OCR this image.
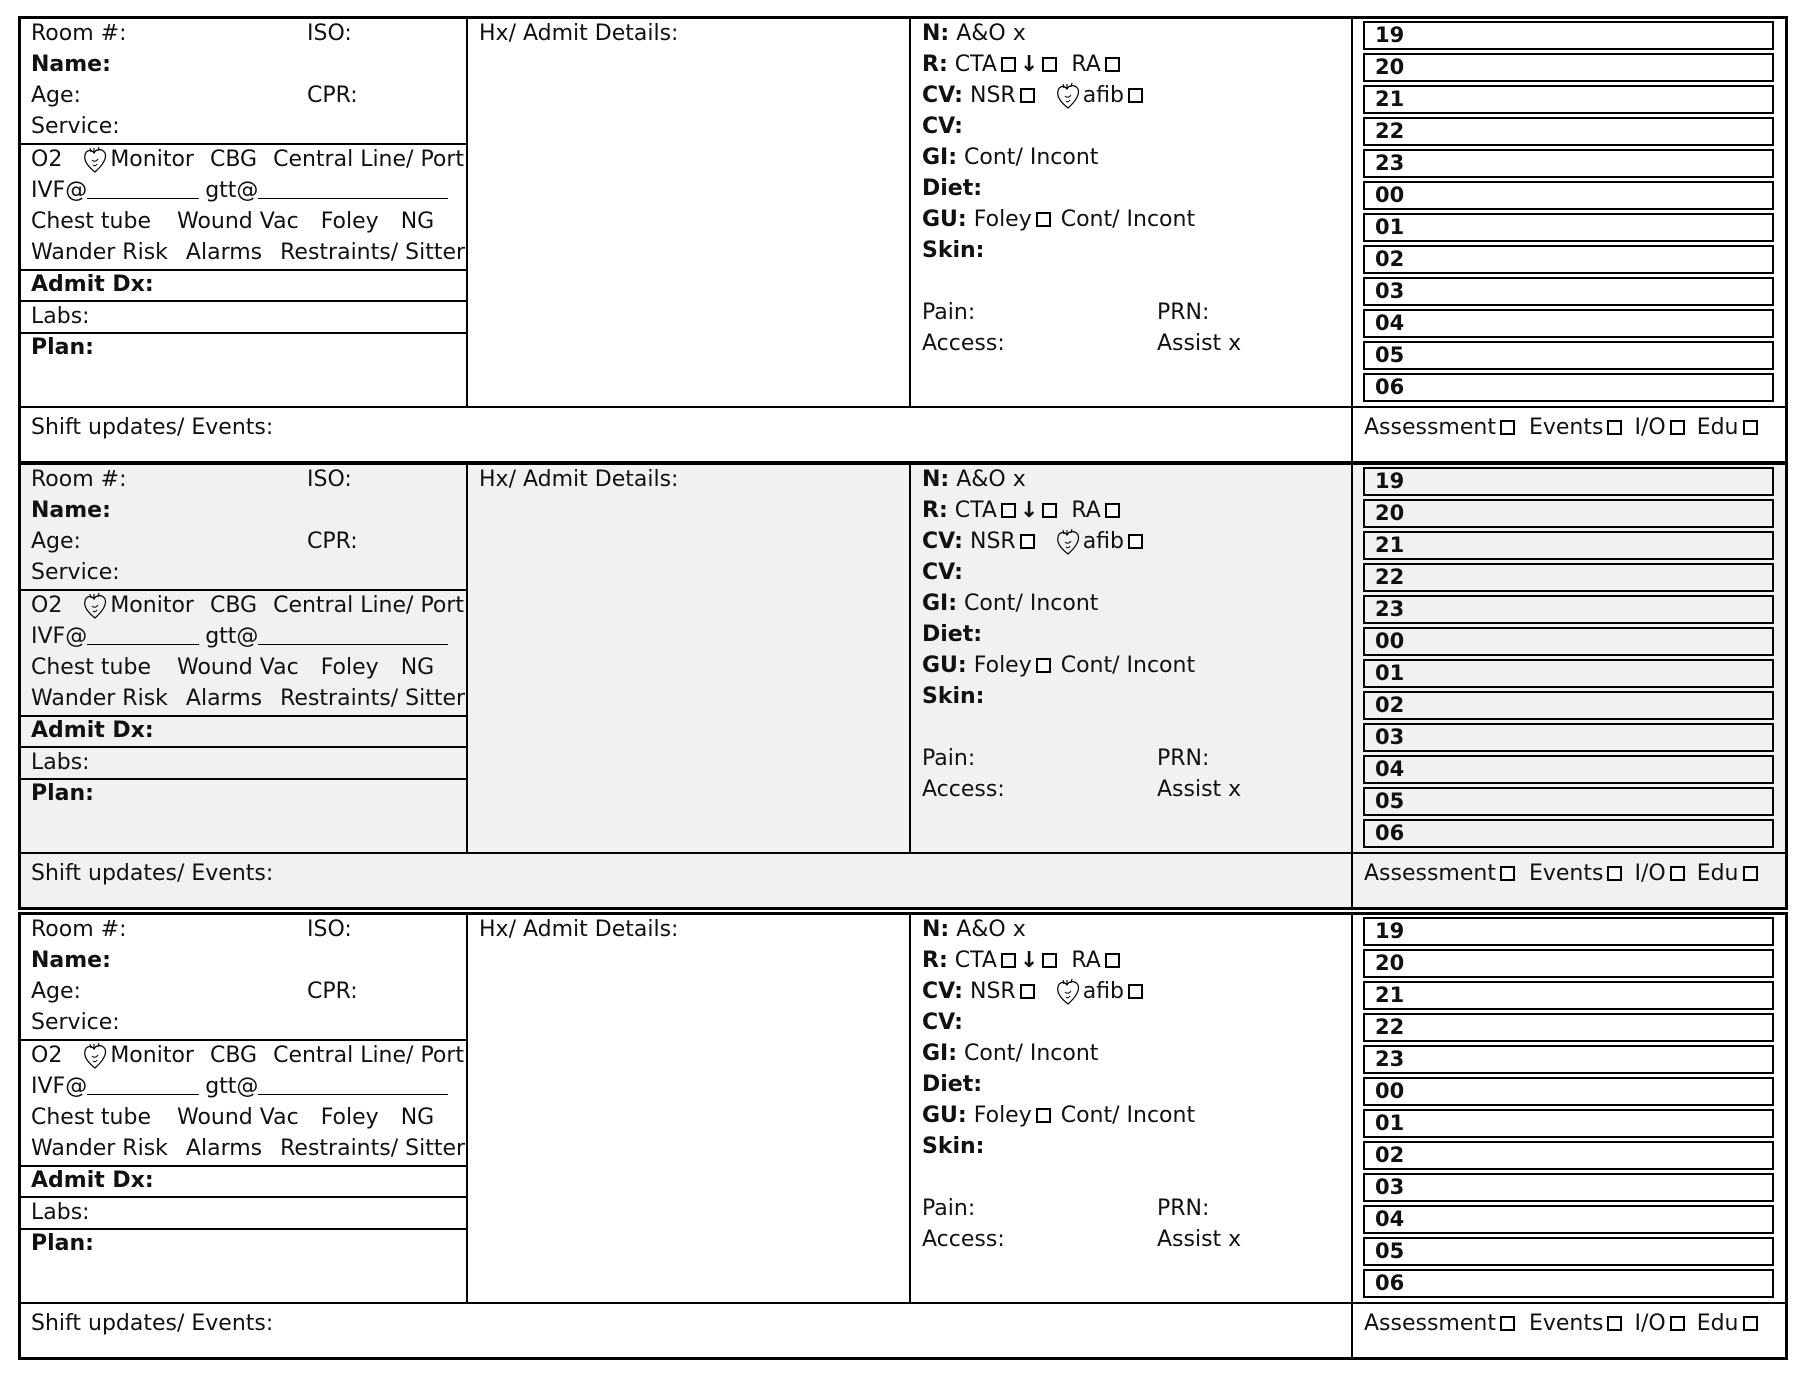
Room #:	ISO:
Name:
Age:	CPR:
Service:
O2 Monitor CBG Central Line/ Port
IVF@	gtt@
Chest tube Wound Vac Foley NG
Wander Risk Alarms Restraints/ Sitter
Admit Dx:
Labs:
Plan:
Hx/ Admit Details:	N: A&O x
R: CTA ↓ RA
CV: NSR	afib
CV:
GI: Cont/ Incont
Diet:
GU: Foley Cont/ Incont
Skin:
Pain:	PRN:
Access:	Assist x
19
20
21
22
23
00
01
02
03
04
05
06
Shift updates/ Events:	Assessment Events I/O Edu
Room #:	ISO:
Name:
Age:	CPR:
Service:
O2 Monitor CBG Central Line/ Port
IVF@	gtt@
Chest tube Wound Vac Foley NG
Wander Risk Alarms Restraints/ Sitter
Admit Dx:
Labs:
Plan:
Hx/ Admit Details:	N: A&O x
R: CTA ↓ RA
CV: NSR	afib
CV:
GI: Cont/ Incont
Diet:
GU: Foley Cont/ Incont
Skin:
Pain:	PRN:
Access:	Assist x
19
20
21
22
23
00
01
02
03
04
05
06
Shift updates/ Events:	Assessment Events I/O Edu
Room #:	ISO:
Name:
Age:	CPR:
Service:
O2 Monitor CBG Central Line/ Port
IVF@	gtt@
Chest tube Wound Vac Foley NG
Wander Risk Alarms Restraints/ Sitter
Admit Dx:
Labs:
Plan:
Hx/ Admit Details:	N: A&O x
R: CTA ↓ RA
CV: NSR	afib
CV:
GI: Cont/ Incont
Diet:
GU: Foley Cont/ Incont
Skin:
Pain:	PRN:
Access:	Assist x
19
20
21
22
23
00
01
02
03
04
05
06
Shift updates/ Events:	Assessment Events I/O Edu
